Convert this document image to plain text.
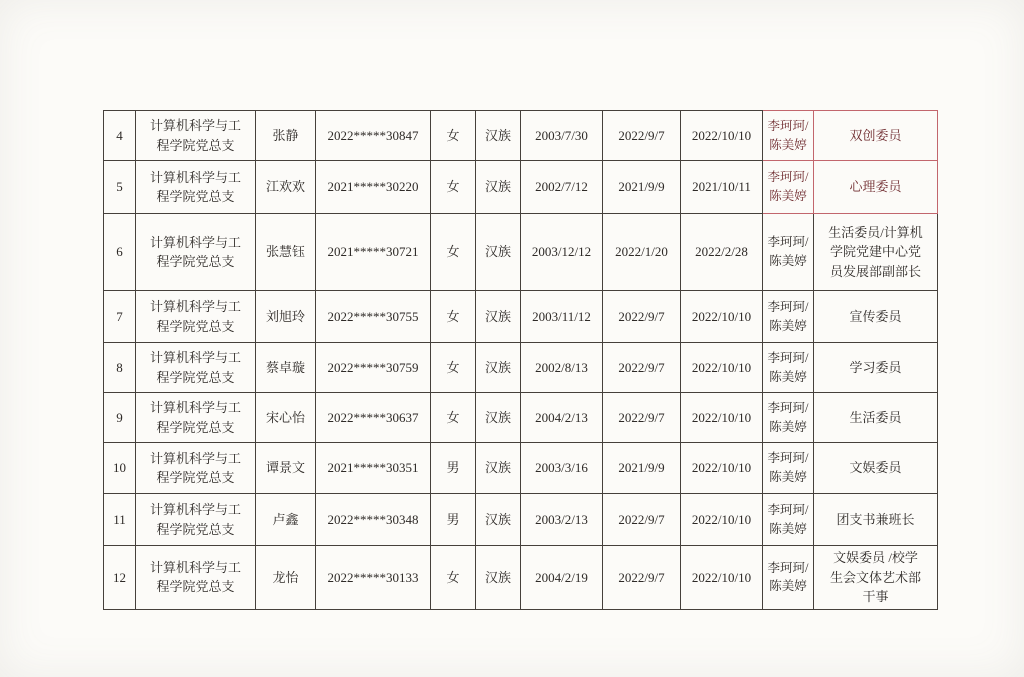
4	计算机科学与工程学院党总支	张静	2022*****30847	女	汉族	2003/7/30	2022/9/7	2022/10/10	李珂珂/陈美婷	双创委员
5	计算机科学与工程学院党总支	江欢欢	2021*****30220	女	汉族	2002/7/12	2021/9/9	2021/10/11	李珂珂/陈美婷	心理委员
6	计算机科学与工程学院党总支	张慧钰	2021*****30721	女	汉族	2003/12/12	2022/1/20	2022/2/28	李珂珂/陈美婷	生活委员/计算机学院党建中心党员发展部副部长
7	计算机科学与工程学院党总支	刘旭玲	2022*****30755	女	汉族	2003/11/12	2022/9/7	2022/10/10	李珂珂/陈美婷	宣传委员
8	计算机科学与工程学院党总支	蔡卓璇	2022*****30759	女	汉族	2002/8/13	2022/9/7	2022/10/10	李珂珂/陈美婷	学习委员
9	计算机科学与工程学院党总支	宋心怡	2022*****30637	女	汉族	2004/2/13	2022/9/7	2022/10/10	李珂珂/陈美婷	生活委员
10	计算机科学与工程学院党总支	谭景文	2021*****30351	男	汉族	2003/3/16	2021/9/9	2022/10/10	李珂珂/陈美婷	文娱委员
11	计算机科学与工程学院党总支	卢鑫	2022*****30348	男	汉族	2003/2/13	2022/9/7	2022/10/10	李珂珂/陈美婷	团支书兼班长
12	计算机科学与工程学院党总支	龙怡	2022*****30133	女	汉族	2004/2/19	2022/9/7	2022/10/10	李珂珂/陈美婷	文娱委员 /校学生会文体艺术部干事
